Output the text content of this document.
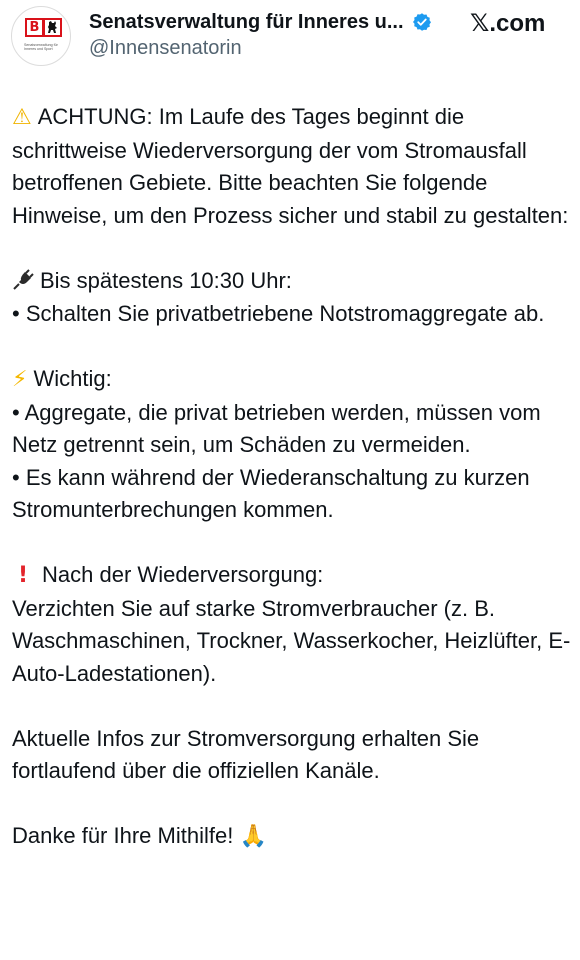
B
Senatsverwaltung für Inneres und Sport
Senatsverwaltung für Inneres u...
@Innensenatorin
𝕏.com

⚠ ACHTUNG: Im Laufe des Tages beginnt die schrittweise Wiederversorgung der vom Stromausfall betroffenen Gebiete. Bitte beachten Sie folgende Hinweise, um den Prozess sicher und stabil zu gestalten:

Bis spätestens 10:30 Uhr:

• Schalten Sie privatbetriebene Notstromaggregate ab.

⚡ Wichtig:

• Aggregate, die privat betrieben werden, müssen vom Netz getrennt sein, um Schäden zu vermeiden.

• Es kann während der Wiederanschaltung zu kurzen Stromunterbrechungen kommen.

! Nach der Wiederversorgung:

Verzichten Sie auf starke Stromverbraucher (z. B. Waschmaschinen, Trockner, Wasserkocher, Heizlüfter, E-Auto-Ladestationen).

Aktuelle Infos zur Stromversorgung erhalten Sie fortlaufend über die offiziellen Kanäle.

Danke für Ihre Mithilfe! 🙏
